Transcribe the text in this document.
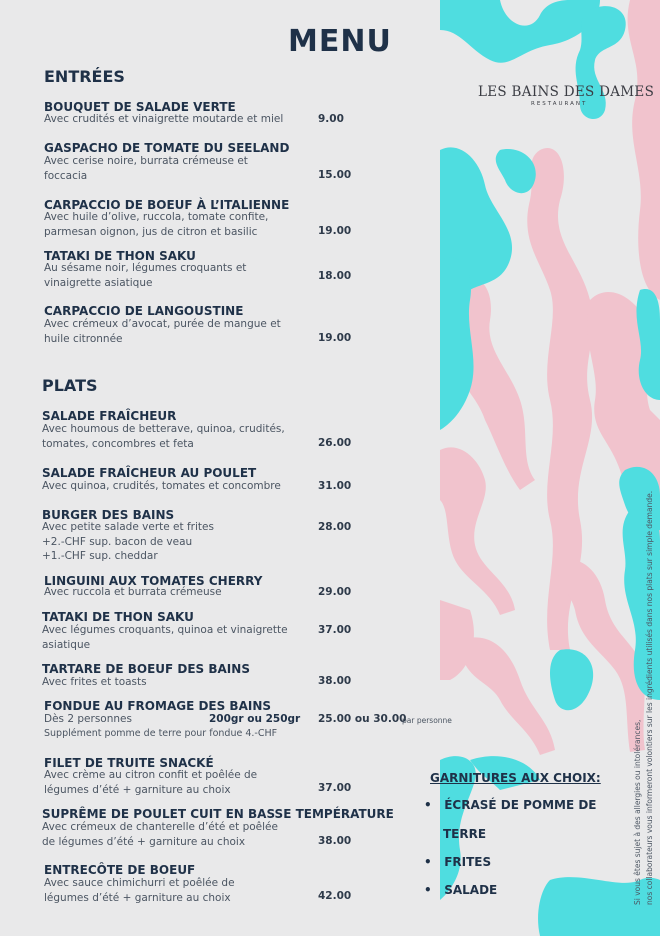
LES BAINS DES DAMES
RESTAURANT
MENU
ENTRÉES
BOUQUET DE SALADE VERTE
Avec crudités et vinaigrette moutarde et miel	9.00
GASPACHO DE TOMATE DU SEELAND
Avec cerise noire, burrata crémeuse et foccacia	15.00
CARPACCIO DE BOEUF À L’ITALIENNE
Avec huile d’olive, ruccola, tomate confite, parmesan oignon, jus de citron et basilic	19.00
TATAKI DE THON SAKU
Au sésame noir, légumes croquants et vinaigrette asiatique
18.00
CARPACCIO DE LANGOUSTINE
Avec crémeux d’avocat, purée de mangue et huile citronnée	19.00
PLATS
SALADE FRAÎCHEUR
Avec houmous de betterave, quinoa, crudités, tomates, concombres et feta	26.00
SALADE FRAÎCHEUR AU POULET
Avec quinoa, crudités, tomates et concombre	31.00
BURGER DES BAINS
Avec petite salade verte et frites
+2.-CHF sup. bacon de veau
+1.-CHF sup. cheddar
28.00
LINGUINI AUX TOMATES CHERRY
Avec ruccola et burrata crémeuse	29.00
TATAKI DE THON SAKU
Avec légumes croquants, quinoa et vinaigrette asiatique
37.00
TARTARE DE BOEUF DES BAINS
Avec frites et toasts	38.00
FONDUE AU FROMAGE DES BAINS
Dès 2 personnes	200gr ou 250gr 25.00 ou 30.00
par personne
Supplément pomme de terre pour fondue 4.-CHF
FILET DE TRUITE SNACKÉ
Avec crème au citron confit et poêlée de légumes d’été + garniture au choix	37.00
SUPRÊME DE POULET CUIT EN BASSE TEMPÉRATURE
Avec crémeux de chanterelle d’été et poêlée de légumes d’été + garniture au choix	38.00
ENTRECÔTE DE BOEUF
Avec sauce chimichurri et poêlée de légumes d’été + garniture au choix	42.00
GARNITURES AUX CHOIX:
•   ÉCRASÉ DE POMME DE
TERRE
•   FRITES
•   SALADE	Si vous êtes sujet à des allergies ou intolérances, nos collaborateurs vous informeront volontiers sur les ingrédients utilisés dans nos plats sur simple demande.
